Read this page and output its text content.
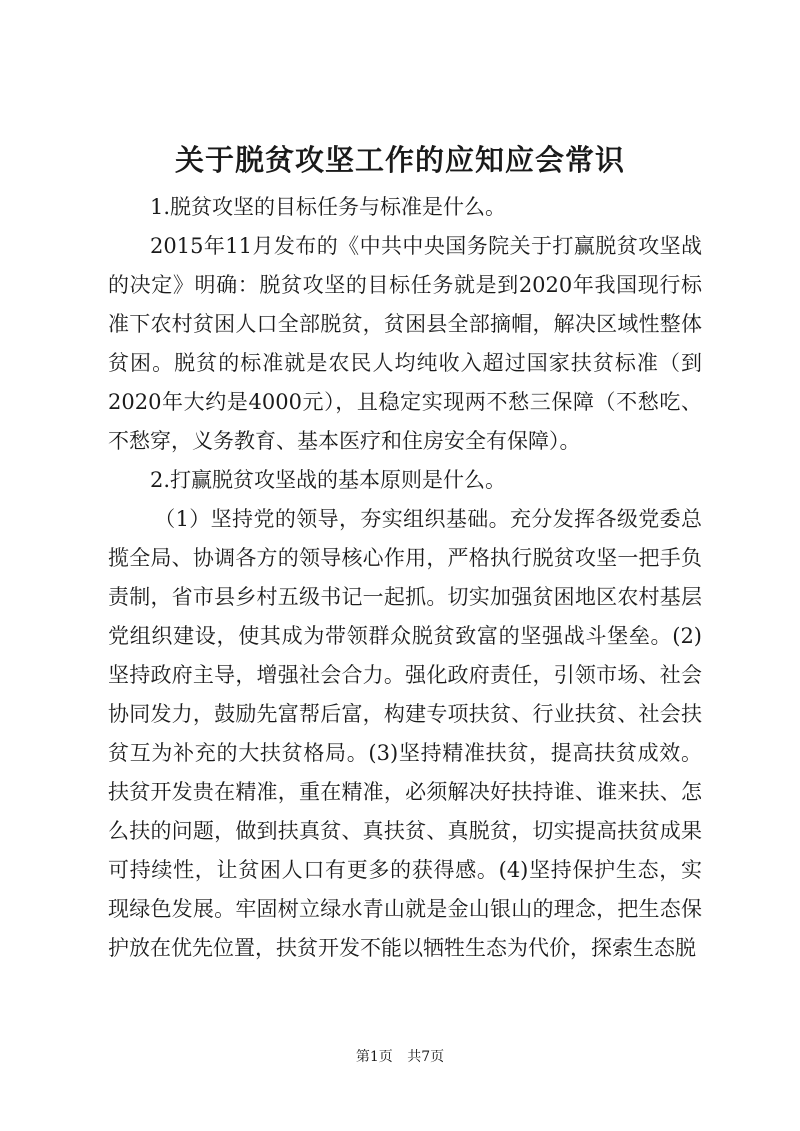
关于脱贫攻坚工作的应知应会常识

1.脱贫攻坚的目标任务与标准是什么。

2015年11月发布的《中共中央国务院关于打赢脱贫攻坚战的决定》明确：脱贫攻坚的目标任务就是到2020年我国现行标准下农村贫困人口全部脱贫，贫困县全部摘帽，解决区域性整体贫困。脱贫的标准就是农民人均纯收入超过国家扶贫标准（到2020年大约是4000元），且稳定实现两不愁三保障（不愁吃、不愁穿，义务教育、基本医疗和住房安全有保障）。

2.打赢脱贫攻坚战的基本原则是什么。

（1）坚持党的领导，夯实组织基础。充分发挥各级党委总揽全局、协调各方的领导核心作用，严格执行脱贫攻坚一把手负责制，省市县乡村五级书记一起抓。切实加强贫困地区农村基层党组织建设，使其成为带领群众脱贫致富的坚强战斗堡垒。(2)坚持政府主导，增强社会合力。强化政府责任，引领市场、社会协同发力，鼓励先富帮后富，构建专项扶贫、行业扶贫、社会扶贫互为补充的大扶贫格局。(3)坚持精准扶贫，提高扶贫成效。扶贫开发贵在精准，重在精准，必须解决好扶持谁、谁来扶、怎么扶的问题，做到扶真贫、真扶贫、真脱贫，切实提高扶贫成果可持续性，让贫困人口有更多的获得感。(4)坚持保护生态，实现绿色发展。牢固树立绿水青山就是金山银山的理念，把生态保护放在优先位置，扶贫开发不能以牺牲生态为代价，探索生态脱

第1页 共7页
